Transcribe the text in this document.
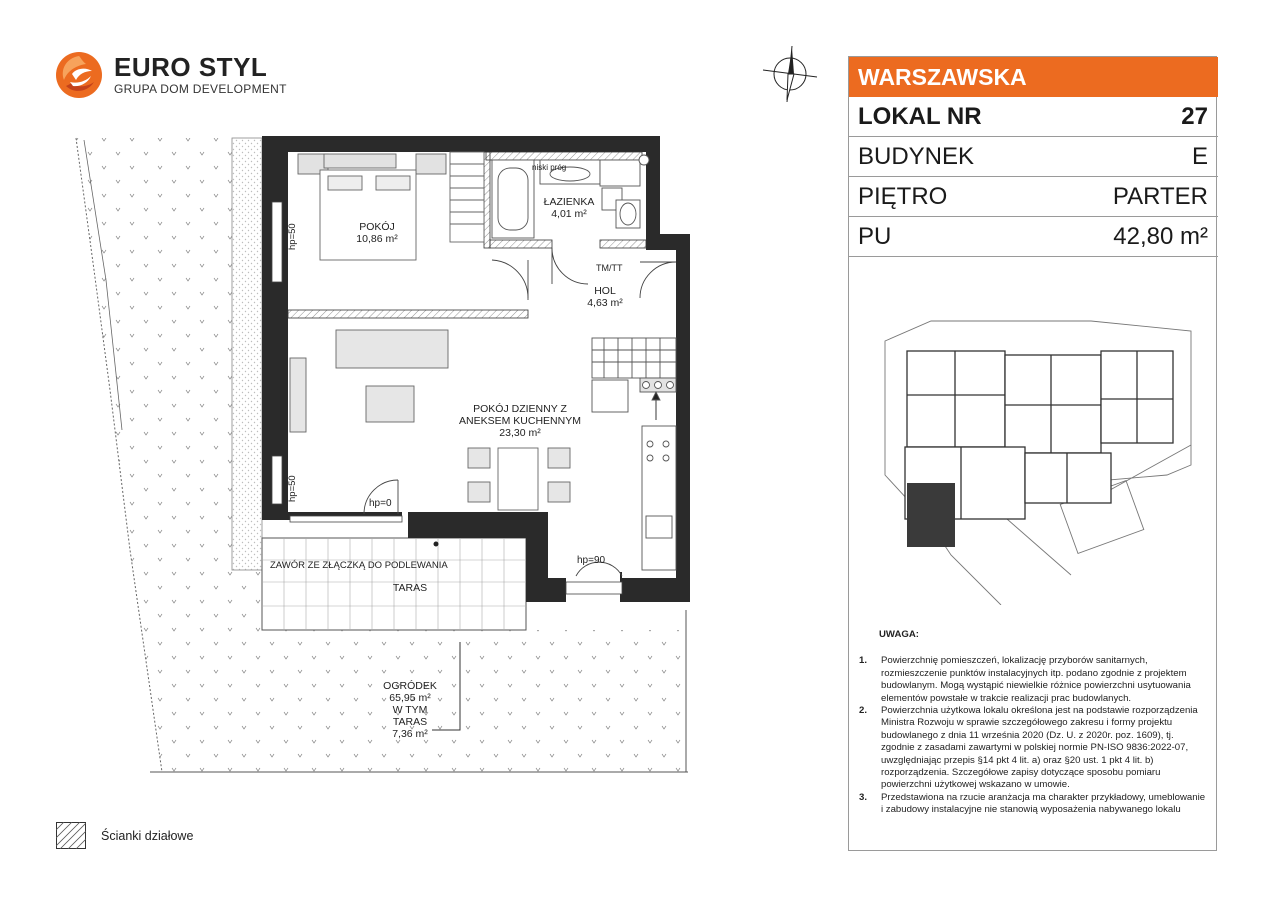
EURO STYL
GRUPA DOM DEVELOPMENT
POKÓJ
10,86 m²
ŁAZIENKA
4,01 m²
HOL
4,63 m²
POKÓJ DZIENNY Z
ANEKSEM KUCHENNYM
23,30 m²
TARAS
OGRÓDEK
65,95 m²
W TYM
TARAS
7,36 m²
niski próg
TM/TT
hp=50
hp=50
hp=0
hp=90
ZAWÓR ZE ZŁĄCZKĄ DO PODLEWANIA
WARSZAWSKA
LOKAL NR	27
BUDYNEK	E
PIĘTRO	PARTER
PU	42,80 m²
UWAGA:
1. Powierzchnię pomieszczeń, lokalizację przyborów sanitarnych, rozmieszczenie punktów instalacyjnych itp. podano zgodnie z projektem budowlanym. Mogą wystąpić niewielkie różnice powierzchni usytuowania elementów powstałe w trakcie realizacji prac budowlanych.
2. Powierzchnia użytkowa lokalu określona jest na podstawie rozporządzenia Ministra Rozwoju w sprawie szczegółowego zakresu i formy projektu budowlanego z dnia 11 września 2020 (Dz. U. z 2020r. poz. 1609), tj. zgodnie z zasadami zawartymi w polskiej normie PN-ISO 9836:2022-07, uwzględniając przepis §14 pkt 4 lit. a) oraz §20 ust. 1 pkt 4 lit. b) rozporządzenia. Szczegółowe zapisy dotyczące sposobu pomiaru powierzchni użytkowej wskazano w umowie.
3. Przedstawiona na rzucie aranżacja ma charakter przykładowy, umeblowanie i zabudowy instalacyjne nie stanowią wyposażenia nabywanego lokalu
Ścianki działowe
